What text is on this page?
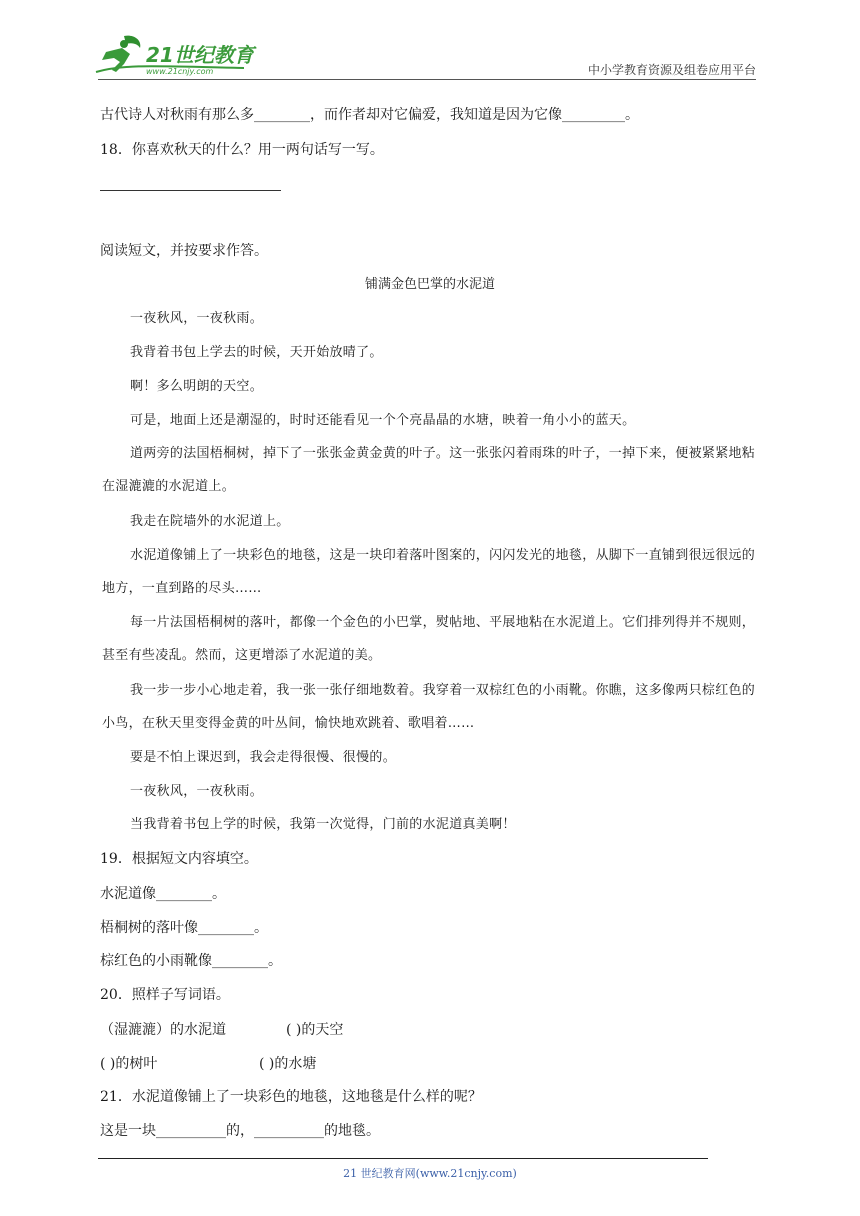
21世纪教育
www.21cnjy.com	中小学教育资源及组卷应用平台
古代诗人对秋雨有那么多________，而作者却对它偏爱，我知道是因为它像_________。
18．你喜欢秋天的什么？用一两句话写一写。
阅读短文，并按要求作答。
铺满金色巴掌的水泥道
一夜秋风，一夜秋雨。
我背着书包上学去的时候，天开始放晴了。
啊！多么明朗的天空。
可是，地面上还是潮湿的，时时还能看见一个个亮晶晶的水塘，映着一角小小的蓝天。
道两旁的法国梧桐树，掉下了一张张金黄金黄的叶子。这一张张闪着雨珠的叶子，一掉下来，便被紧紧地粘在湿漉漉的水泥道上。
我走在院墙外的水泥道上。
水泥道像铺上了一块彩色的地毯，这是一块印着落叶图案的，闪闪发光的地毯，从脚下一直铺到很远很远的地方，一直到路的尽头……
每一片法国梧桐树的落叶，都像一个金色的小巴掌，熨帖地、平展地粘在水泥道上。它们排列得并不规则，甚至有些凌乱。然而，这更增添了水泥道的美。
我一步一步小心地走着，我一张一张仔细地数着。我穿着一双棕红色的小雨靴。你瞧，这多像两只棕红色的小鸟，在秋天里变得金黄的叶丛间，愉快地欢跳着、歌唱着……
要是不怕上课迟到，我会走得很慢、很慢的。
一夜秋风，一夜秋雨。
当我背着书包上学的时候，我第一次觉得，门前的水泥道真美啊！
19．根据短文内容填空。
水泥道像________。
梧桐树的落叶像________。
棕红色的小雨靴像________。
20．照样子写词语。
（湿漉漉）的水泥道	( )的天空
( )的树叶	( )的水塘
21．水泥道像铺上了一块彩色的地毯，这地毯是什么样的呢？
这是一块__________的，__________的地毯。
21 世纪教育网(www.21cnjy.com)
